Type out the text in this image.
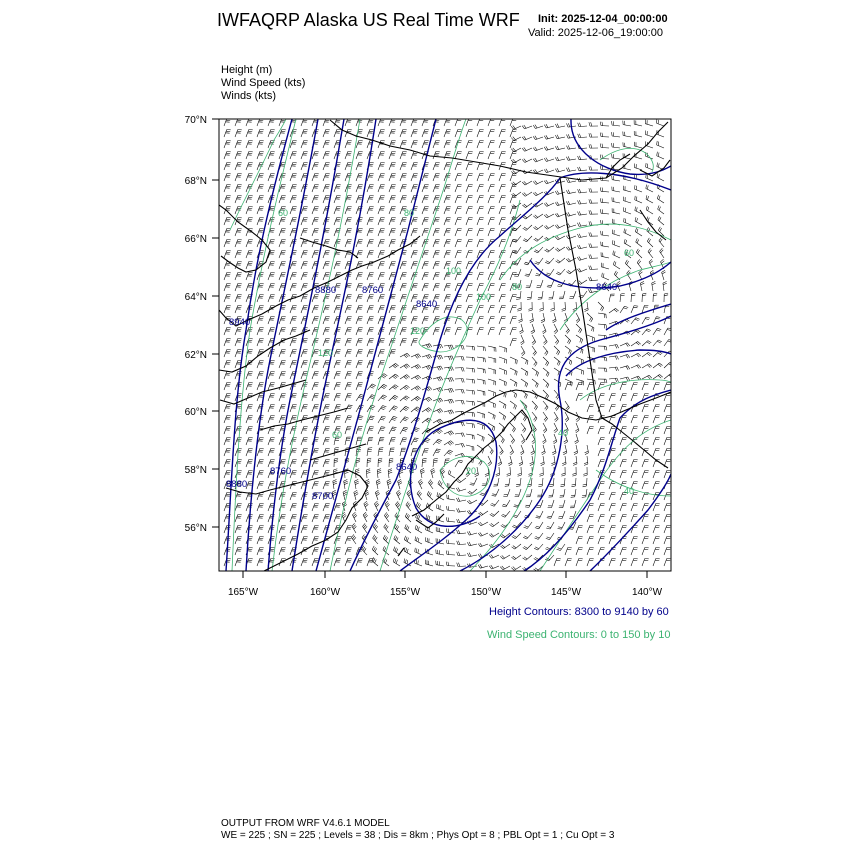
IWFAQRP Alaska US Real Time WRF Init: 2025-12-04_00:00:00
Valid: 2025-12-06_19:00:00
Height (m)
Wind Speed (kts)
Winds (kts)
70°N
68°N
66°N
64°N
62°N
60°N
58°N
56°N
165°W	160°W	155°W	150°W	145°W	140°W
8880	8760
8640
8640
8940
8760
8700
8640
8880
60	80
100
120
120
100
80
60
40
40
60
20
Height Contours: 8300 to 9140 by 60
Wind Speed Contours: 0 to 150 by 10
OUTPUT FROM WRF V4.6.1 MODEL
WE = 225 ; SN = 225 ; Levels = 38 ; Dis = 8km ; Phys Opt = 8 ; PBL Opt = 1 ; Cu Opt = 3
